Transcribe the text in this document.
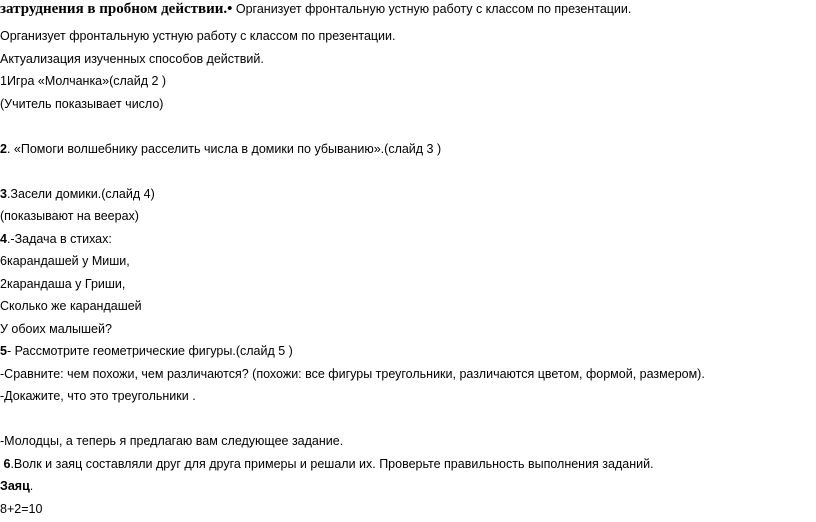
затруднения в пробном действии.• Организует фронтальную устную работу с классом по презентации.
Организует фронтальную устную работу с классом по презентации.
Актуализация изученных способов действий.
1Игра «Молчанка»(слайд 2 )
(Учитель показывает число)
2. «Помоги волшебнику расселить числа в домики по убыванию».(слайд 3 )
3.Засели домики.(слайд 4)
(показывают на веерах)
4.-Задача в стихах:
6карандашей у Миши,
2карандаша у Гриши,
Сколько же карандашей
У обоих малышей?
5- Рассмотрите геометрические фигуры.(слайд 5 )
-Сравните: чем похожи, чем различаются? (похожи: все фигуры треугольники, различаются цветом, формой, размером).
-Докажите, что это треугольники .
-Молодцы, а теперь я предлагаю вам следующее задание.
6.Волк и заяц составляли друг для друга примеры и решали их. Проверьте правильность выполнения заданий.
Заяц.
8+2=10
